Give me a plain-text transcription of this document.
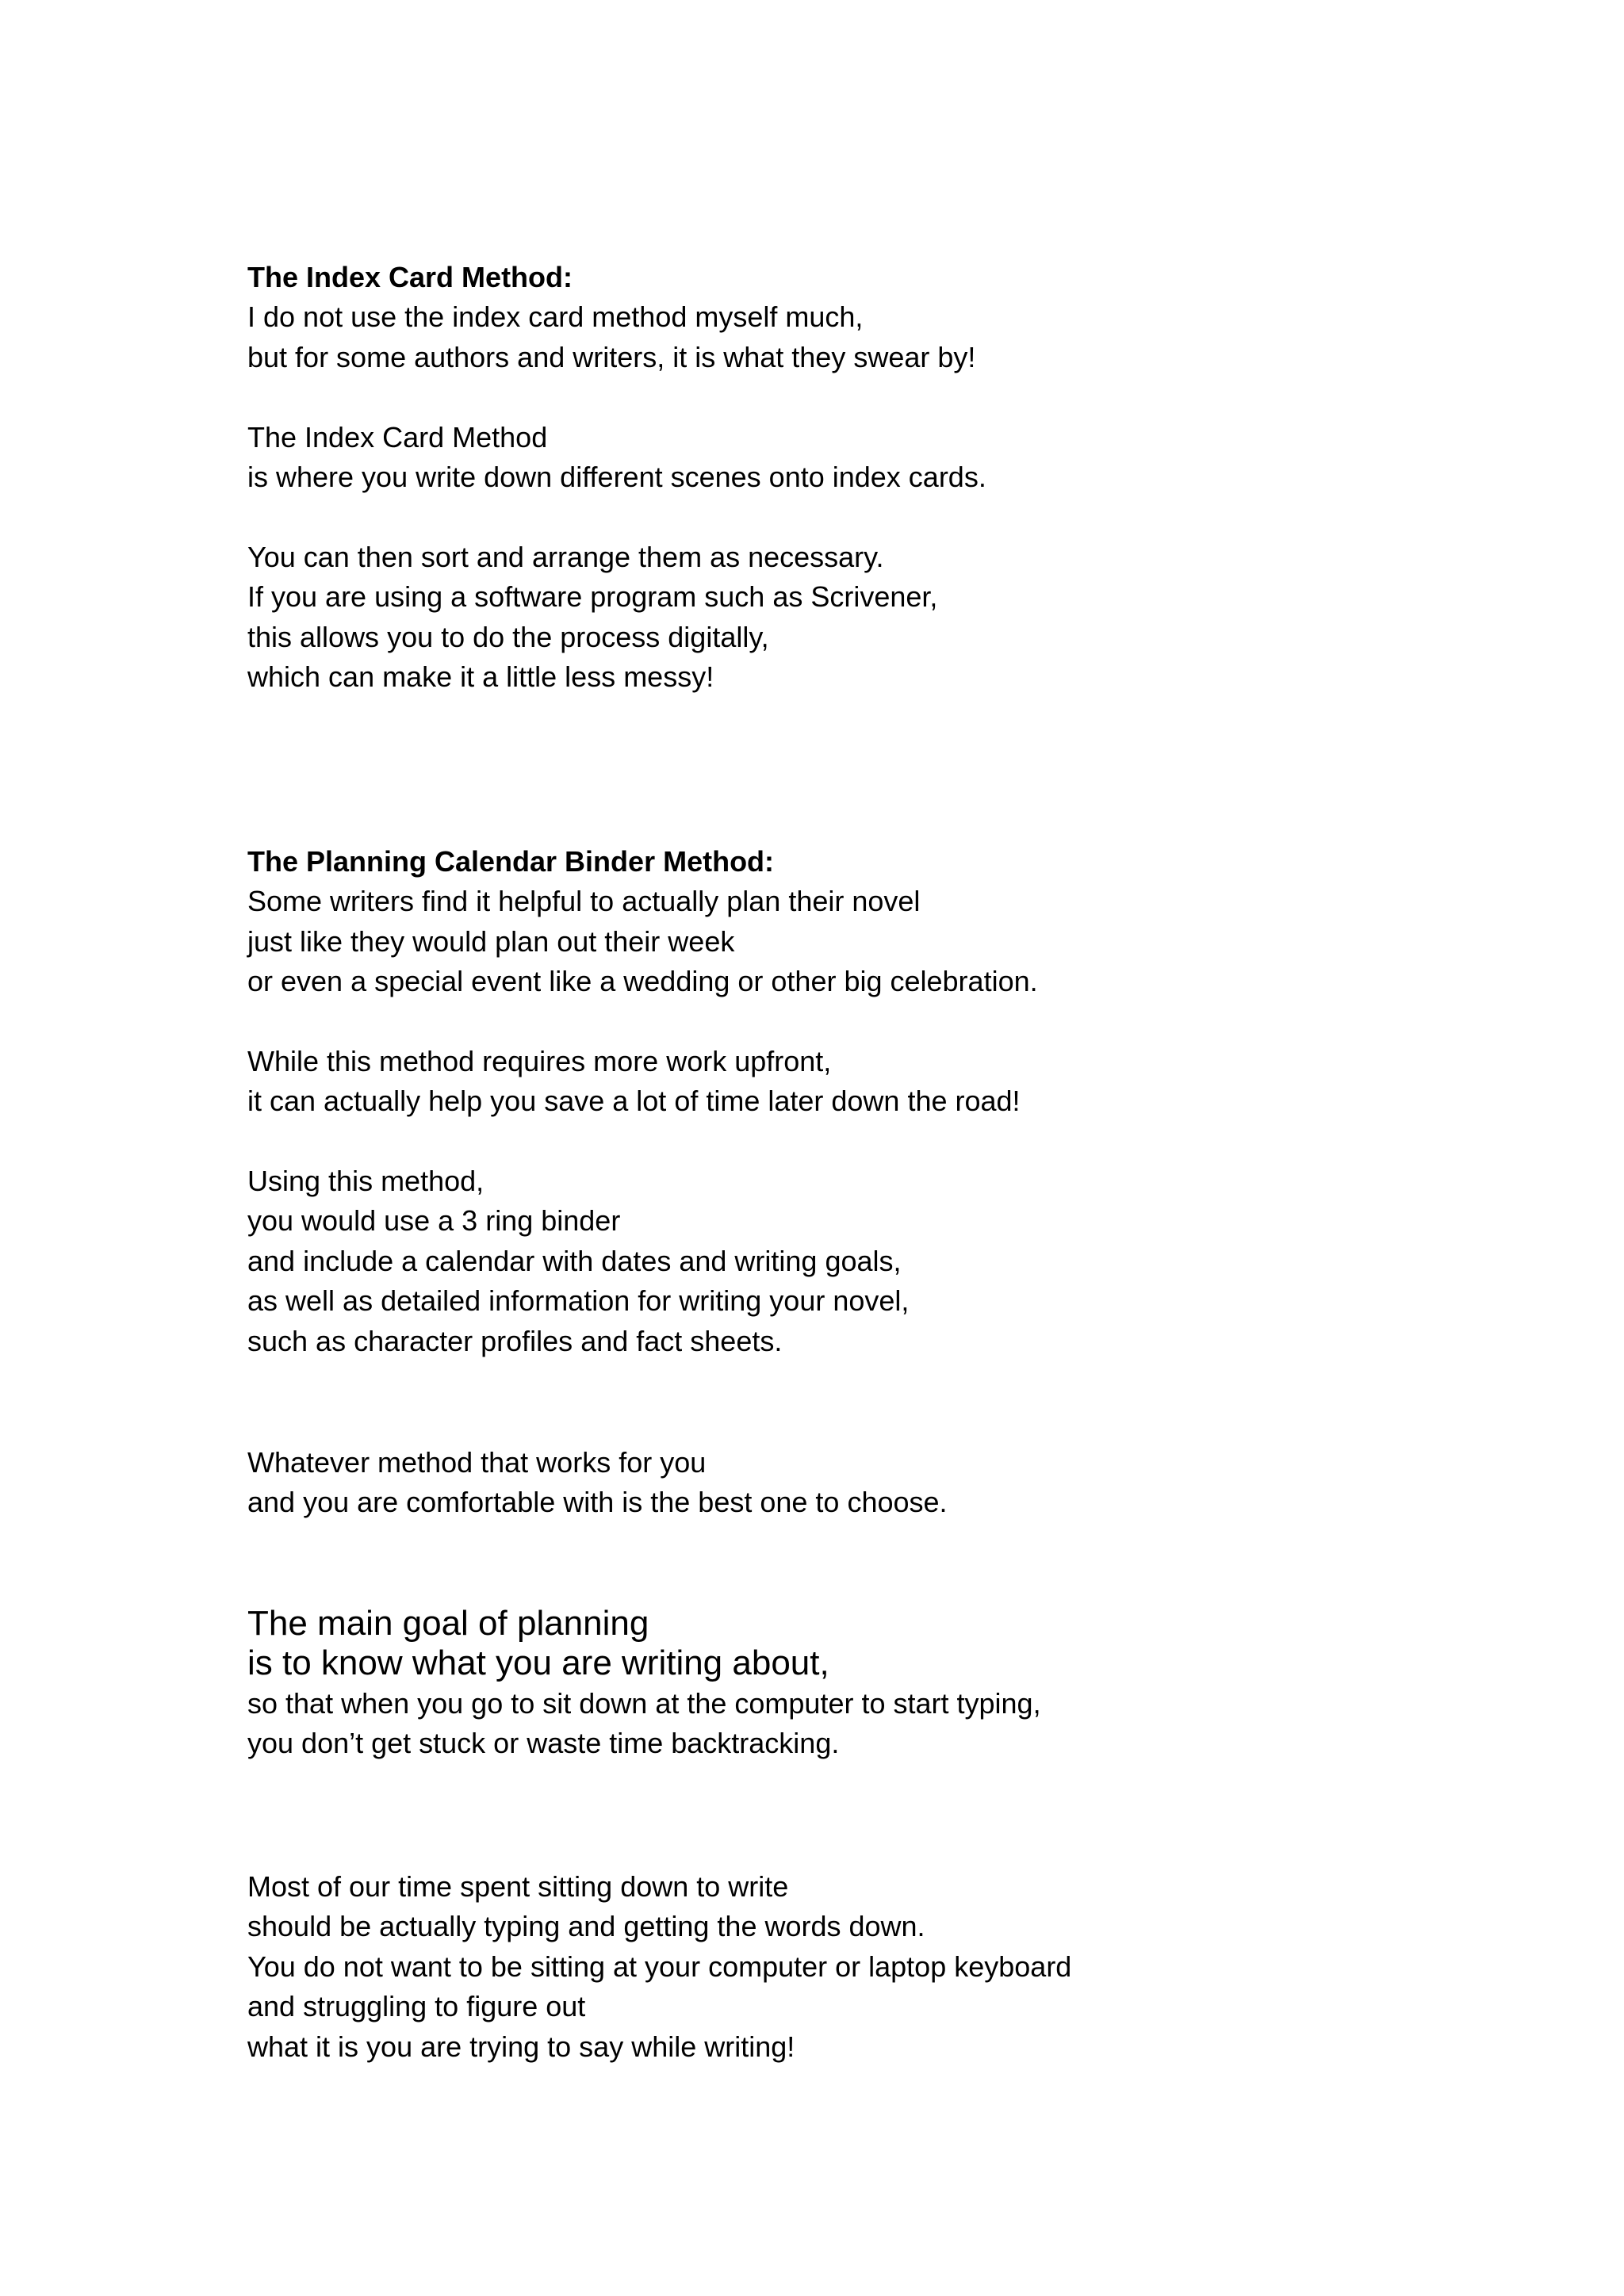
The Index Card Method:
I do not use the index card method myself much,
but for some authors and writers, it is what they swear by!
The Index Card Method
is where you write down different scenes onto index cards.
You can then sort and arrange them as necessary.
If you are using a software program such as Scrivener,
this allows you to do the process digitally,
which can make it a little less messy!
The Planning Calendar Binder Method:
Some writers find it helpful to actually plan their novel
just like they would plan out their week
or even a special event like a wedding or other big celebration.
While this method requires more work upfront,
it can actually help you save a lot of time later down the road!
Using this method,
you would use a 3 ring binder
and include a calendar with dates and writing goals,
as well as detailed information for writing your novel,
such as character profiles and fact sheets.
Whatever method that works for you
and you are comfortable with is the best one to choose.
The main goal of planning
is to know what you are writing about,
so that when you go to sit down at the computer to start typing,
you don’t get stuck or waste time backtracking.
Most of our time spent sitting down to write
should be actually typing and getting the words down.
You do not want to be sitting at your computer or laptop keyboard
and struggling to figure out
what it is you are trying to say while writing!
